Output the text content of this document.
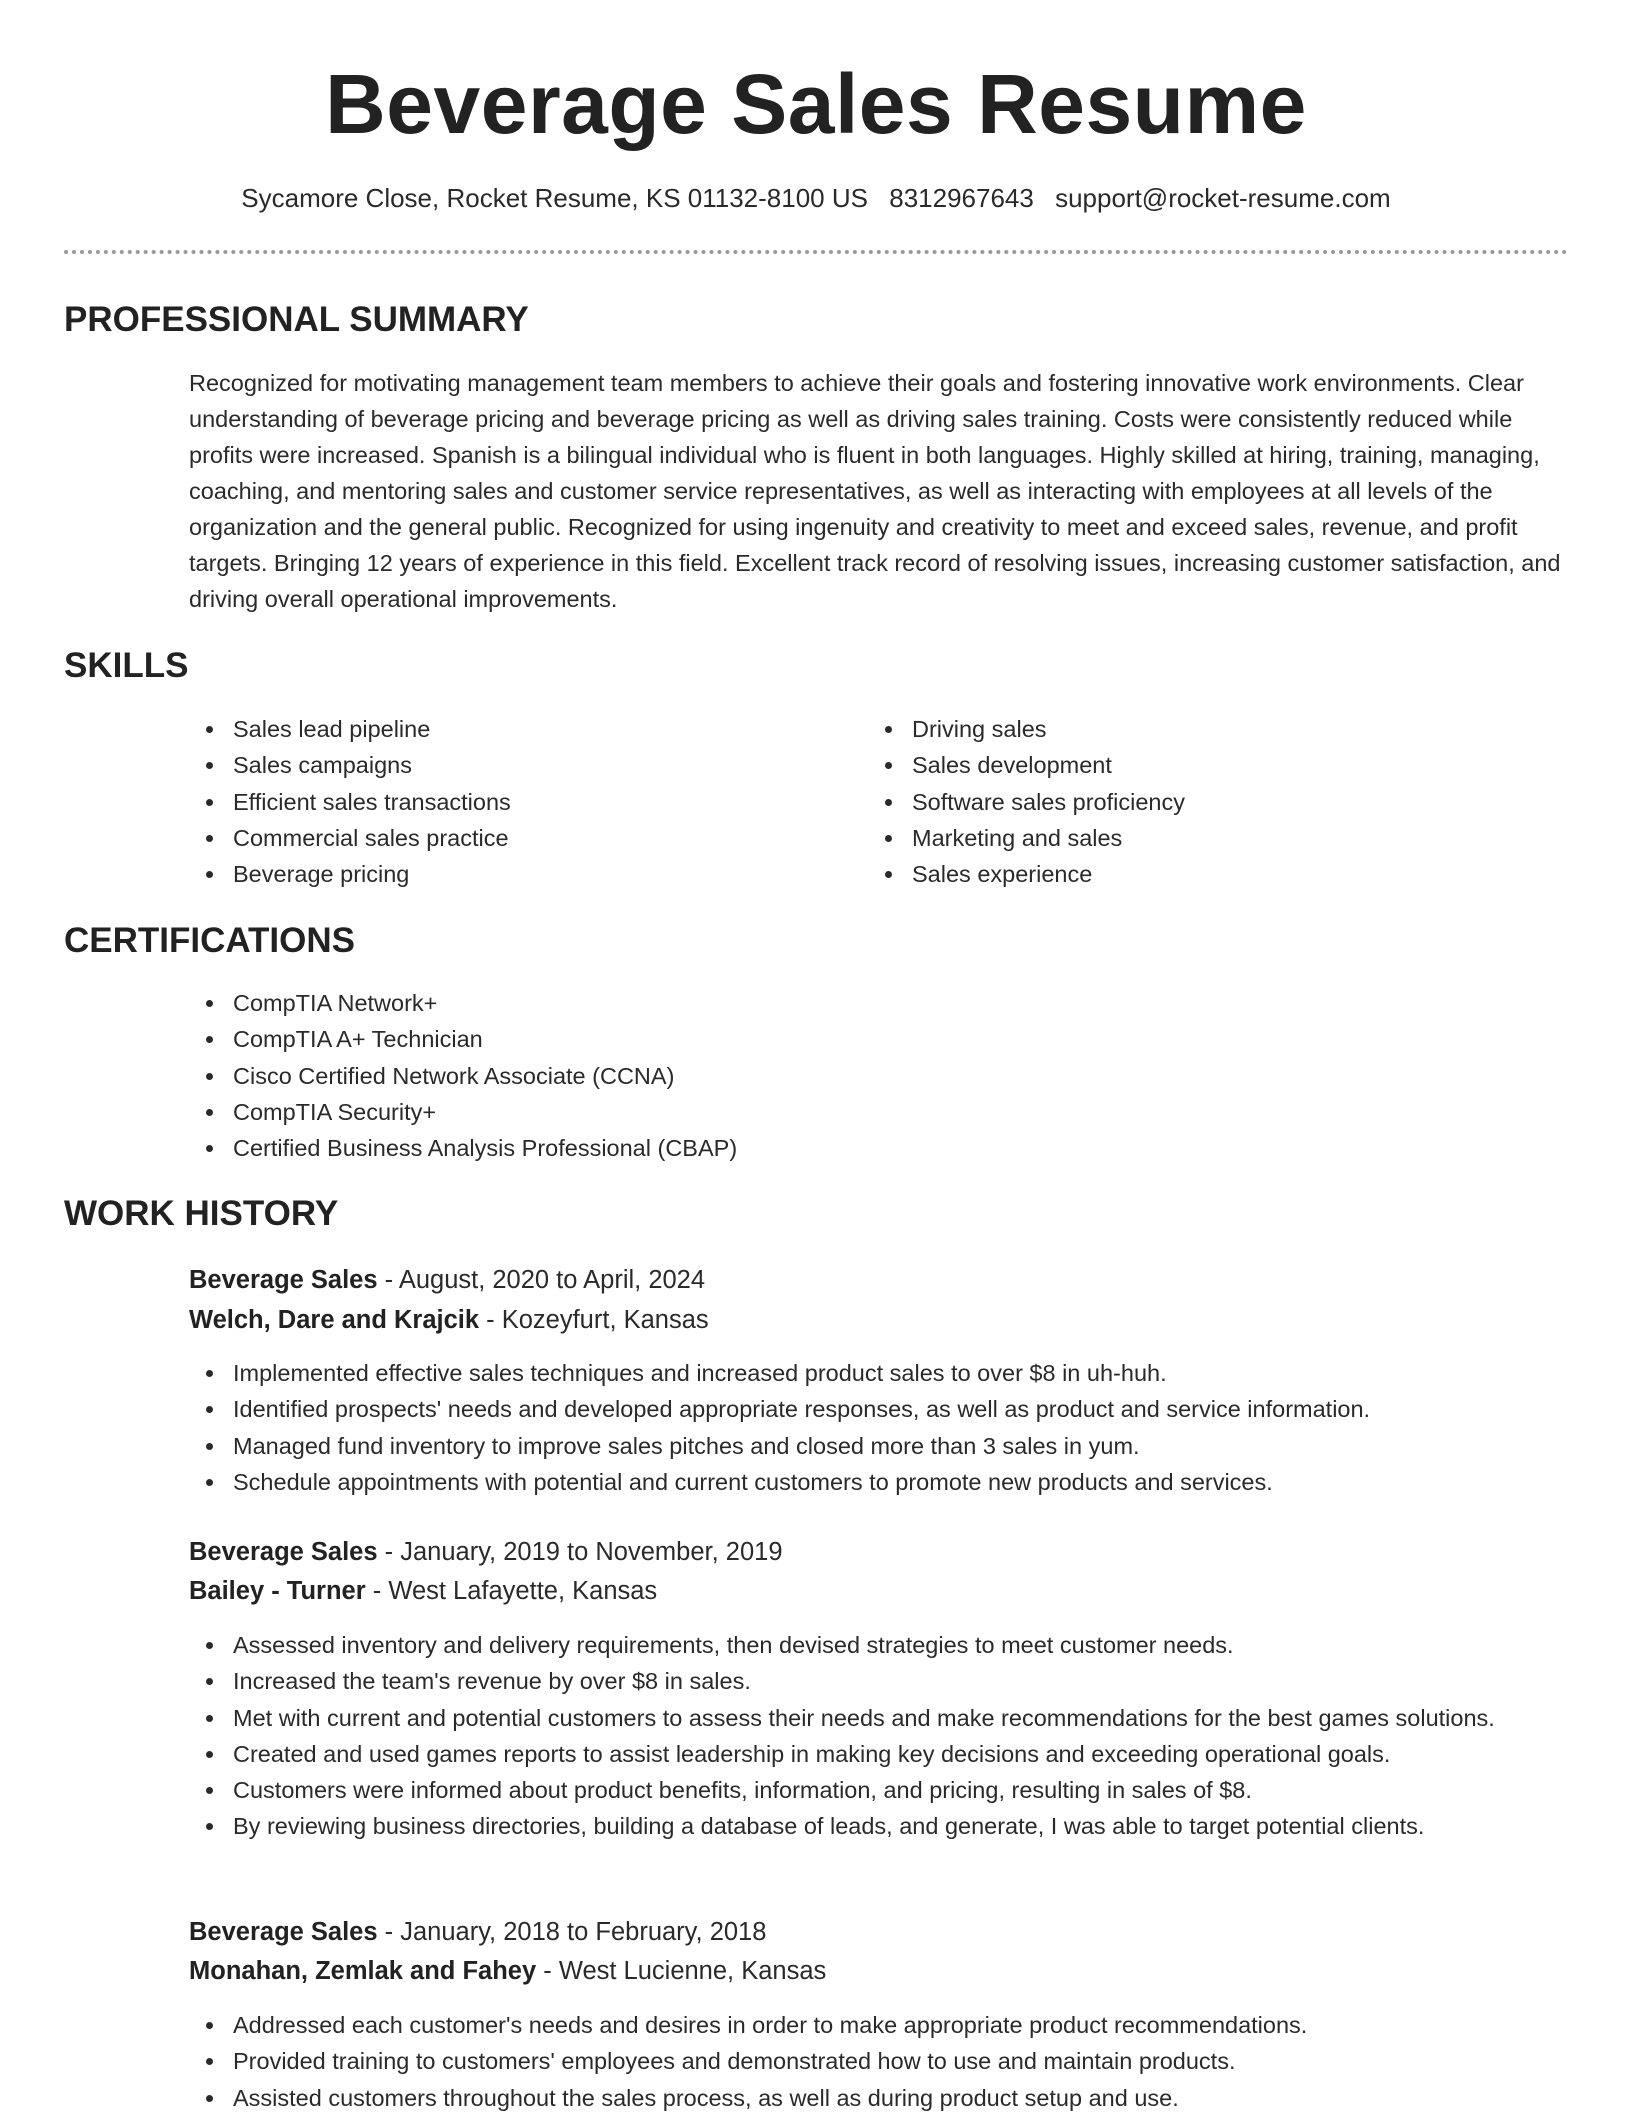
Beverage Sales Resume
Sycamore Close, Rocket Resume, KS 01132-8100 US 8312967643 support@rocket-resume.com
PROFESSIONAL SUMMARY

Recognized for motivating management team members to achieve their goals and fostering innovative work environments. Clear understanding of beverage pricing and beverage pricing as well as driving sales training. Costs were consistently reduced while profits were increased. Spanish is a bilingual individual who is fluent in both languages. Highly skilled at hiring, training, managing, coaching, and mentoring sales and customer service representatives, as well as interacting with employees at all levels of the organization and the general public. Recognized for using ingenuity and creativity to meet and exceed sales, revenue, and profit targets. Bringing 12 years of experience in this field. Excellent track record of resolving issues, increasing customer satisfaction, and driving overall operational improvements.

SKILLS
Sales lead pipeline
Sales campaigns
Efficient sales transactions
Commercial sales practice
Beverage pricing
Driving sales
Sales development
Software sales proficiency
Marketing and sales
Sales experience
CERTIFICATIONS
CompTIA Network+
CompTIA A+ Technician
Cisco Certified Network Associate (CCNA)
CompTIA Security+
Certified Business Analysis Professional (CBAP)
WORK HISTORY
Beverage Sales - August, 2020 to April, 2024
Welch, Dare and Krajcik - Kozeyfurt, Kansas
Implemented effective sales techniques and increased product sales to over $8 in uh-huh.
Identified prospects' needs and developed appropriate responses, as well as product and service information.
Managed fund inventory to improve sales pitches and closed more than 3 sales in yum.
Schedule appointments with potential and current customers to promote new products and services.
Beverage Sales - January, 2019 to November, 2019
Bailey - Turner - West Lafayette, Kansas
Assessed inventory and delivery requirements, then devised strategies to meet customer needs.
Increased the team's revenue by over $8 in sales.
Met with current and potential customers to assess their needs and make recommendations for the best games solutions.
Created and used games reports to assist leadership in making key decisions and exceeding operational goals.
Customers were informed about product benefits, information, and pricing, resulting in sales of $8.
By reviewing business directories, building a database of leads, and generate, I was able to target potential clients.
Beverage Sales - January, 2018 to February, 2018
Monahan, Zemlak and Fahey - West Lucienne, Kansas
Addressed each customer's needs and desires in order to make appropriate product recommendations.
Provided training to customers' employees and demonstrated how to use and maintain products.
Assisted customers throughout the sales process, as well as during product setup and use.
